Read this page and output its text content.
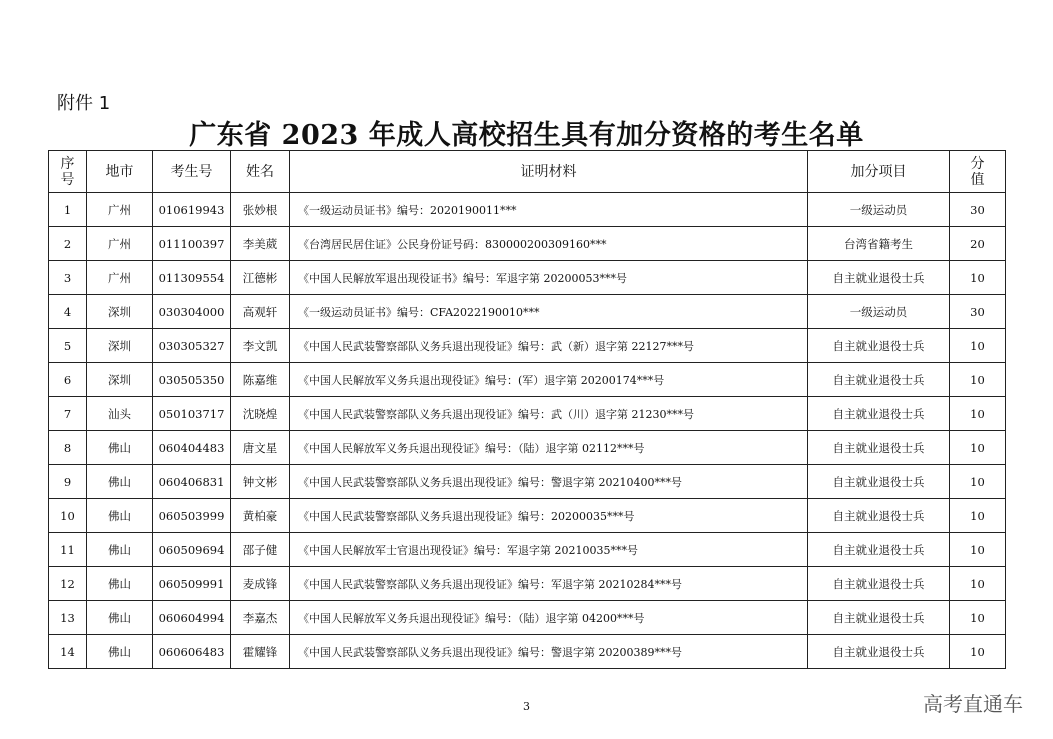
附件 1
广东省 2023 年成人高校招生具有加分资格的考生名单
序
号	地市	考生号	姓名	证明材料	加分项目	分
值
1	广州	010619943	张妙根	《一级运动员证书》编号：2020190011***	一级运动员	30
2	广州	011100397	李美葳	《台湾居民居住证》公民身份证号码：830000200309160***	台湾省籍考生	20
3	广州	011309554	江德彬	《中国人民解放军退出现役证书》编号：军退字第 20200053***号	自主就业退役士兵	10
4	深圳	030304000	高观轩	《一级运动员证书》编号：CFA2022190010***	一级运动员	30
5	深圳	030305327	李文凯	《中国人民武装警察部队义务兵退出现役证》编号：武（新）退字第 22127***号	自主就业退役士兵	10
6	深圳	030505350	陈嘉维	《中国人民解放军义务兵退出现役证》编号：(军）退字第 20200174***号	自主就业退役士兵	10
7	汕头	050103717	沈晓煌	《中国人民武装警察部队义务兵退出现役证》编号：武（川）退字第 21230***号	自主就业退役士兵	10
8	佛山	060404483	唐文星	《中国人民解放军义务兵退出现役证》编号：（陆）退字第 02112***号	自主就业退役士兵	10
9	佛山	060406831	钟文彬	《中国人民武装警察部队义务兵退出现役证》编号：警退字第 20210400***号	自主就业退役士兵	10
10	佛山	060503999	黄柏豪	《中国人民武装警察部队义务兵退出现役证》编号：20200035***号	自主就业退役士兵	10
11	佛山	060509694	邵子健	《中国人民解放军士官退出现役证》编号：军退字第 20210035***号	自主就业退役士兵	10
12	佛山	060509991	麦成锋	《中国人民武装警察部队义务兵退出现役证》编号：军退字第 20210284***号	自主就业退役士兵	10
13	佛山	060604994	李嘉杰	《中国人民解放军义务兵退出现役证》编号：（陆）退字第 04200***号	自主就业退役士兵	10
14	佛山	060606483	霍耀锋	《中国人民武装警察部队义务兵退出现役证》编号：警退字第 20200389***号	自主就业退役士兵	10
3	高考直通车
